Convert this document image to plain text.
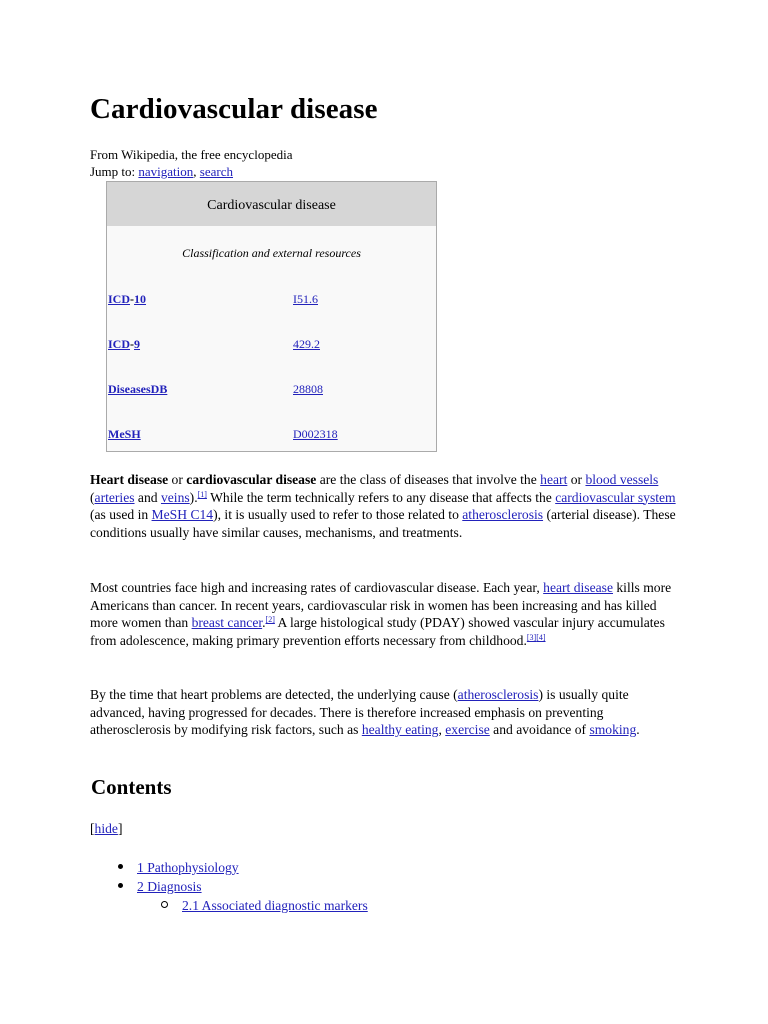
Cardiovascular disease
From Wikipedia, the free encyclopedia
Jump to: navigation, search
Cardiovascular disease
Classification and external resources
ICD-10	I51.6
ICD-9	429.2
DiseasesDB	28808
MeSH	D002318
Heart disease or cardiovascular disease are the class of diseases that involve the heart or blood vessels (arteries and veins).[1] While the term technically refers to any disease that affects the cardiovascular system (as used in MeSH C14), it is usually used to refer to those related to atherosclerosis (arterial disease). These conditions usually have similar causes, mechanisms, and treatments.
Most countries face high and increasing rates of cardiovascular disease. Each year, heart disease kills more Americans than cancer. In recent years, cardiovascular risk in women has been increasing and has killed more women than breast cancer.[2] A large histological study (PDAY) showed vascular injury accumulates from adolescence, making primary prevention efforts necessary from childhood.[3][4]
By the time that heart problems are detected, the underlying cause (atherosclerosis) is usually quite advanced, having progressed for decades. There is therefore increased emphasis on preventing atherosclerosis by modifying risk factors, such as healthy eating, exercise and avoidance of smoking.
Contents
[hide]
1 Pathophysiology
2 Diagnosis
2.1 Associated diagnostic markers
